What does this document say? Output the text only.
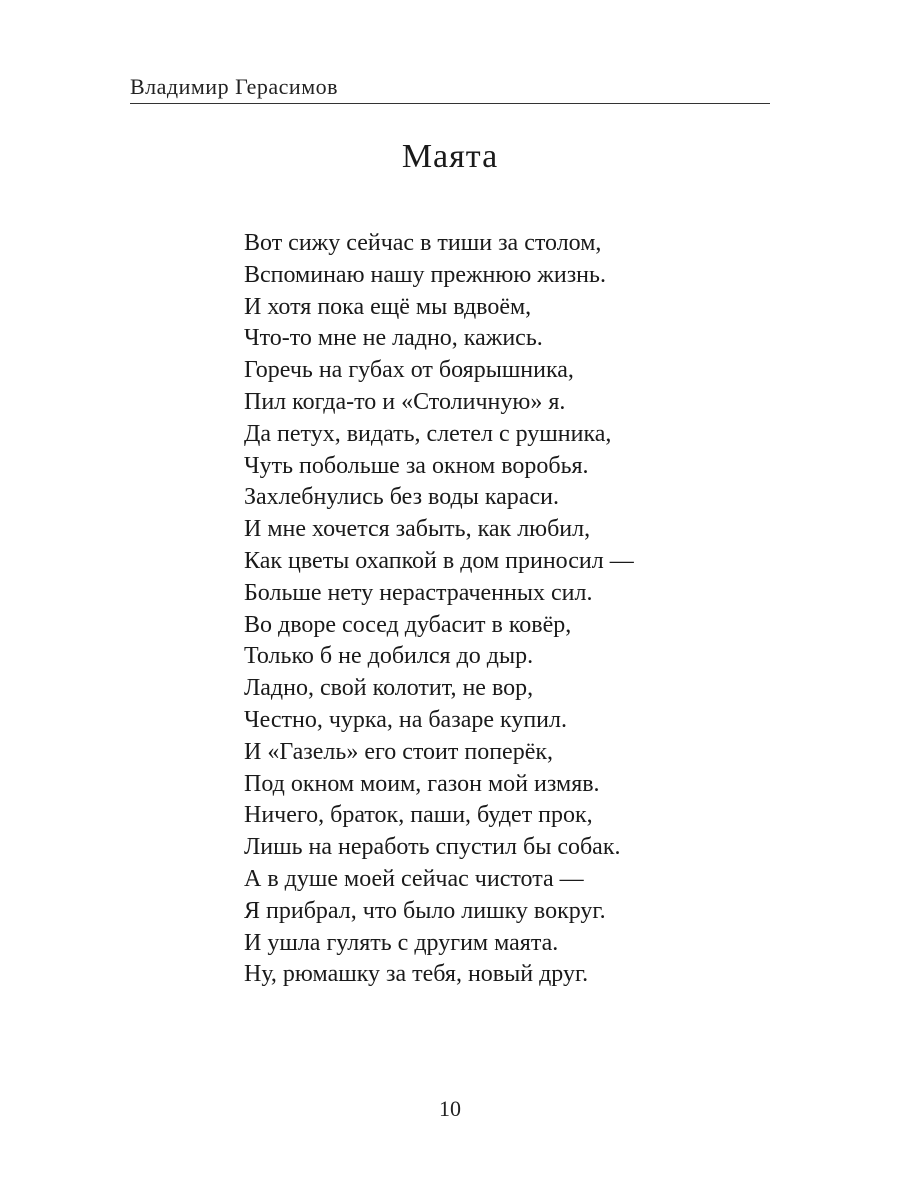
Владимир Герасимов
Маята
Вот сижу сейчас в тиши за столом,
Вспоминаю нашу прежнюю жизнь.
И хотя пока ещё мы вдвоём,
Что-то мне не ладно, кажись.
Горечь на губах от боярышника,
Пил когда-то и «Столичную» я.
Да петух, видать, слетел с рушника,
Чуть побольше за окном воробья.
Захлебнулись без воды караси.
И мне хочется забыть, как любил,
Как цветы охапкой в дом приносил —
Больше нету нерастраченных сил.
Во дворе сосед дубасит в ковёр,
Только б не добился до дыр.
Ладно, свой колотит, не вор,
Честно, чурка, на базаре купил.
И «Газель» его стоит поперёк,
Под окном моим, газон мой измяв.
Ничего, браток, паши, будет прок,
Лишь на неработь спустил бы собак.
А в душе моей сейчас чистота —
Я прибрал, что было лишку вокруг.
И ушла гулять с другим маята.
Ну, рюмашку за тебя, новый друг.
10
